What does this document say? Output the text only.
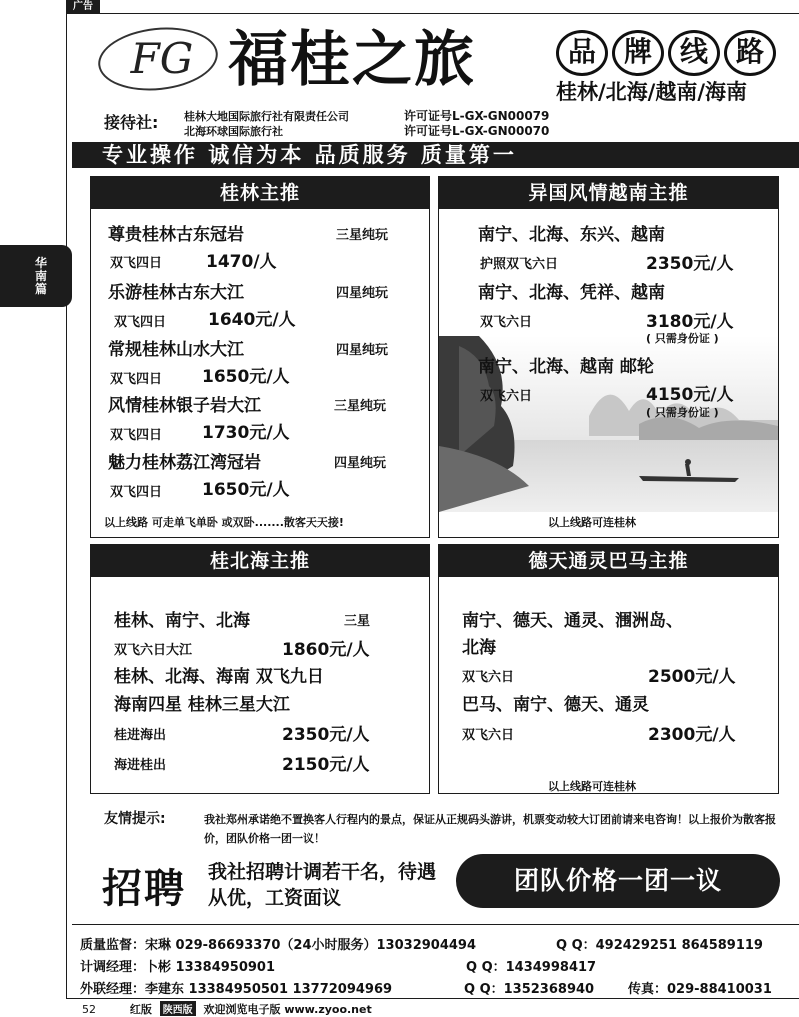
广告
华南篇
FG 福桂之旅	品 牌 线 路
桂林/北海/越南/海南
接待社: 桂林大地国际旅行社有限责任公司	许可证号L-GX-GN00079
北海环球国际旅行社	许可证号L-GX-GN00070
专业操作 诚信为本 品质服务 质量第一
桂林主推
尊贵桂林古东冠岩	三星纯玩
双飞四日	1470/人
乐游桂林古东大江	四星纯玩
双飞四日 1640元/人
常规桂林山水大江	四星纯玩
双飞四日 1650元/人
风情桂林银子岩大江	三星纯玩
双飞四日 1730元/人
魅力桂林荔江湾冠岩	四星纯玩
双飞四日 1650元/人
以上线路 可走单飞单卧 或双卧.......散客天天接!
异国风情越南主推
南宁、北海、东兴、越南
护照双飞六日	2350元/人
南宁、北海、凭祥、越南
双飞六日	3180元/人
( 只需身份证 )
南宁、北海、越南 邮轮
双飞六日	4150元/人
( 只需身份证 )
以上线路可连桂林
桂北海主推
桂林、南宁、北海	三星
双飞六日大江	1860元/人
桂林、北海、海南 双飞九日
海南四星 桂林三星大江
桂进海出	2350元/人
海进桂出	2150元/人
德天通灵巴马主推
南宁、德天、通灵、涠洲岛、
北海
双飞六日	2500元/人
巴马、南宁、德天、通灵
双飞六日	2300元/人
以上线路可连桂林
友情提示:	我社郑州承诺绝不置换客人行程内的景点，保证从正规码头游讲，机票变动较大订团前请来电咨询！以上报价为散客报价，团队价格一团一议！
招聘 我社招聘计调若干名，待遇从优，工资面议
团队价格一团一议
质量监督：宋琳 029-86693370（24小时服务）13032904494	Q Q：492429251 864589119
计调经理：卜彬 13384950901	Q Q：1434998417
外联经理：李建东 13384950501 13772094969	Q Q：1352368940	传真：029-88410031
52	红版 陕西版 欢迎浏览电子版 www.zyoo.net
